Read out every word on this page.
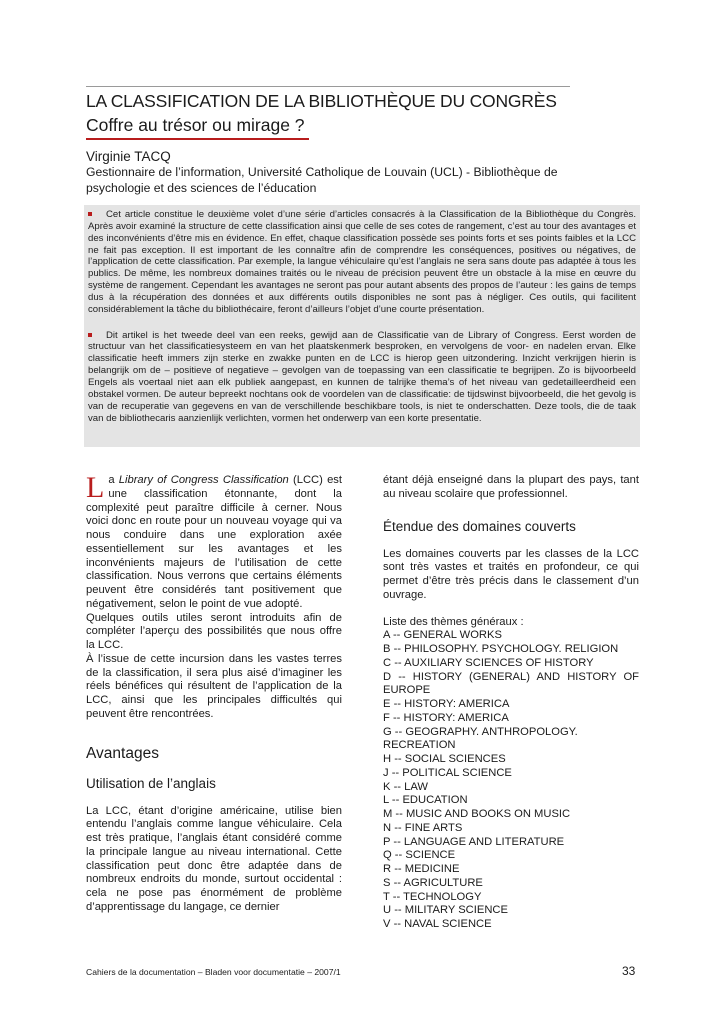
LA CLASSIFICATION DE LA BIBLIOTHÈQUE DU CONGRÈS
Coffre au trésor ou mirage ?
Virginie TACQ
Gestionnaire de l’information, Université Catholique de Louvain (UCL) - Bibliothèque de
psychologie et des sciences de l’éducation

Cet article constitue le deuxième volet d’une série d’articles consacrés à la Classification de la Bibliothèque du Congrès. Après avoir examiné la structure de cette classification ainsi que celle de ses cotes de rangement, c’est au tour des avantages et des inconvénients d’être mis en évidence. En effet, chaque classification possède ses points forts et ses points faibles et la LCC ne fait pas exception. Il est important de les connaître afin de comprendre les conséquences, positives ou négatives, de l’application de cette classification. Par exemple, la langue véhiculaire qu’est l’anglais ne sera sans doute pas adaptée à tous les publics. De même, les nombreux domaines traités ou le niveau de précision peuvent être un obstacle à la mise en œuvre du système de rangement. Cependant les avantages ne seront pas pour autant absents des propos de l’auteur : les gains de temps dus à la récupération des données et aux différents outils disponibles ne sont pas à négliger. Ces outils, qui facilitent considérablement la tâche du bibliothécaire, feront d’ailleurs l’objet d’une courte présentation.

Dit artikel is het tweede deel van een reeks, gewijd aan de Classificatie van de Library of Congress. Eerst worden de structuur van het classificatiesysteem en van het plaatskenmerk besproken, en vervolgens de voor- en nadelen ervan. Elke classificatie heeft immers zijn sterke en zwakke punten en de LCC is hierop geen uitzondering. Inzicht verkrijgen hierin is belangrijk om de – positieve of negatieve – gevolgen van de toepassing van een classificatie te begrijpen. Zo is bijvoorbeeld Engels als voertaal niet aan elk publiek aangepast, en kunnen de talrijke thema’s of het niveau van gedetailleerdheid een obstakel vormen. De auteur bepreekt nochtans ook de voordelen van de classificatie: de tijdswinst bijvoorbeeld, die het gevolg is van de recuperatie van gegevens en van de verschillende beschikbare tools, is niet te onderschatten. Deze tools, die de taak van de bibliothecaris aanzienlijk verlichten, vormen het onderwerp van een korte presentatie.

La Library of Congress Classification (LCC) est une classification étonnante, dont la complexité peut paraître difficile à cerner. Nous voici donc en route pour un nouveau voyage qui va nous conduire dans une exploration axée essentiellement sur les avantages et les inconvénients majeurs de l’utilisation de cette classification. Nous verrons que certains éléments peuvent être considérés tant positivement que négativement, selon le point de vue adopté.

Quelques outils utiles seront introduits afin de compléter l’aperçu des possibilités que nous offre la LCC.

À l’issue de cette incursion dans les vastes terres de la classification, il sera plus aisé d’imaginer les réels bénéfices qui résultent de l’application de la LCC, ainsi que les principales difficultés qui peuvent être rencontrées.

Avantages
Utilisation de l’anglais

La LCC, étant d’origine américaine, utilise bien entendu l’anglais comme langue véhiculaire. Cela est très pratique, l’anglais étant considéré comme la principale langue au niveau international. Cette classification peut donc être adaptée dans de nombreux endroits du monde, surtout occidental : cela ne pose pas énormément de problème d’apprentissage du langage, ce dernier

étant déjà enseigné dans la plupart des pays, tant au niveau scolaire que professionnel.

Étendue des domaines couverts

Les domaines couverts par les classes de la LCC sont très vastes et traités en profondeur, ce qui permet d’être très précis dans le classement d’un ouvrage.

Liste des thèmes généraux :

A -- GENERAL WORKS
B -- PHILOSOPHY. PSYCHOLOGY. RELIGION
C -- AUXILIARY SCIENCES OF HISTORY
D -- HISTORY (GENERAL) AND HISTORY OF EUROPE
E -- HISTORY: AMERICA
F -- HISTORY: AMERICA
G -- GEOGRAPHY. ANTHROPOLOGY. RECREATION
H -- SOCIAL SCIENCES
J -- POLITICAL SCIENCE
K -- LAW
L -- EDUCATION
M -- MUSIC AND BOOKS ON MUSIC
N -- FINE ARTS
P -- LANGUAGE AND LITERATURE
Q -- SCIENCE
R -- MEDICINE
S -- AGRICULTURE
T -- TECHNOLOGY
U -- MILITARY SCIENCE
V -- NAVAL SCIENCE
Cahiers de la documentation – Bladen voor documentatie – 2007/1	33
